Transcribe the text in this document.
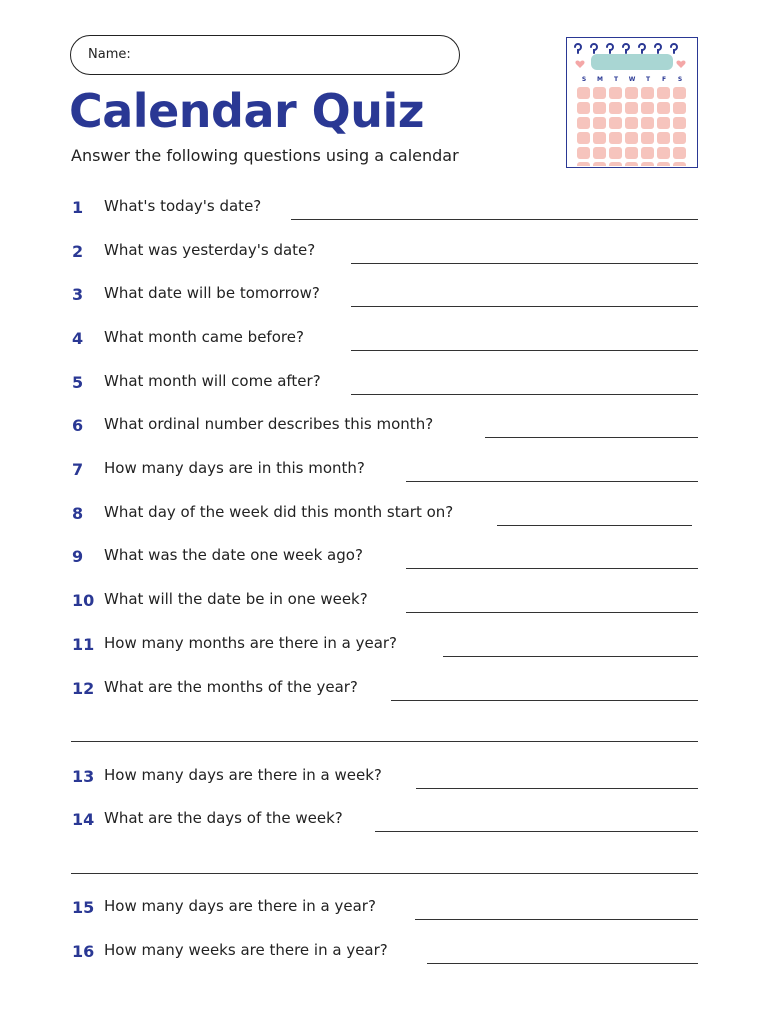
Name:
Calendar Quiz
Answer the following questions using a calendar
S M T W T F S
1	What's today's date?
2	What was yesterday's date?
3	What date will be tomorrow?
4	What month came before?
5	What month will come after?
6	What ordinal number describes this month?
7	How many days are in this month?
8	What day of the week did this month start on?
9	What was the date one week ago?
10 What will the date be in one week?
11 How many months are there in a year?
12 What are the months of the year?
13 How many days are there in a week?
14 What are the days of the week?
15 How many days are there in a year?
16 How many weeks are there in a year?
